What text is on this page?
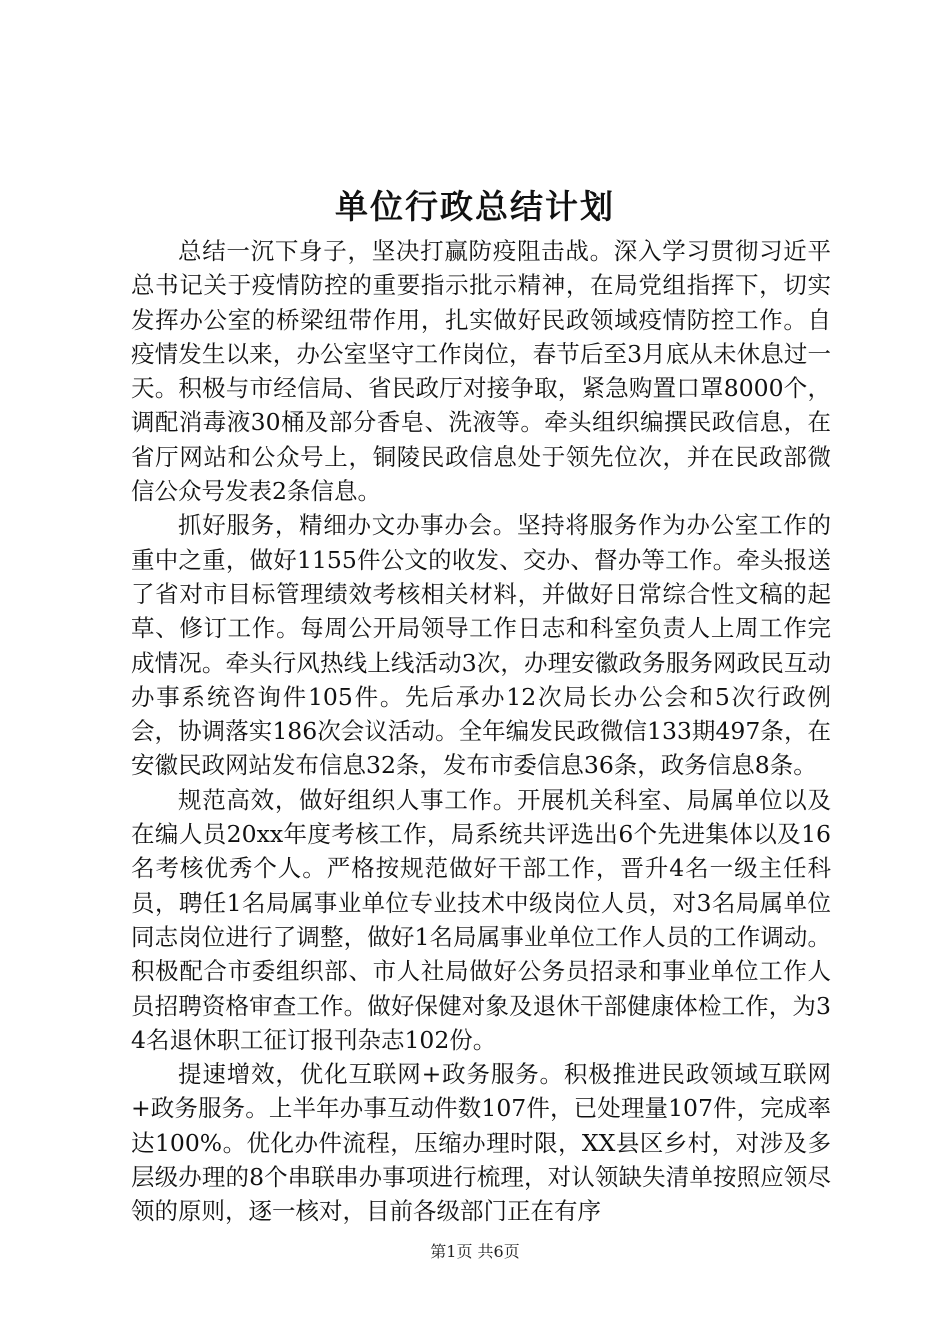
单位行政总结计划

总结一沉下身子，坚决打赢防疫阻击战。深入学习贯彻习近平总书记关于疫情防控的重要指示批示精神，在局党组指挥下，切实发挥办公室的桥梁纽带作用，扎实做好民政领域疫情防控工作。自疫情发生以来，办公室坚守工作岗位，春节后至3月底从未休息过一天。积极与市经信局、省民政厅对接争取，紧急购置口罩8000个，调配消毒液30桶及部分香皂、洗液等。牵头组织编撰民政信息，在省厅网站和公众号上，铜陵民政信息处于领先位次，并在民政部微信公众号发表2条信息。

抓好服务，精细办文办事办会。坚持将服务作为办公室工作的重中之重，做好1155件公文的收发、交办、督办等工作。牵头报送了省对市目标管理绩效考核相关材料，并做好日常综合性文稿的起草、修订工作。每周公开局领导工作日志和科室负责人上周工作完成情况。牵头行风热线上线活动3次，办理安徽政务服务网政民互动办事系统咨询件105件。先后承办12次局长办公会和5次行政例会，协调落实186次会议活动。全年编发民政微信133期497条，在安徽民政网站发布信息32条，发布市委信息36条，政务信息8条。

规范高效，做好组织人事工作。开展机关科室、局属单位以及在编人员20xx年度考核工作，局系统共评选出6个先进集体以及16名考核优秀个人。严格按规范做好干部工作，晋升4名一级主任科员，聘任1名局属事业单位专业技术中级岗位人员，对3名局属单位同志岗位进行了调整，做好1名局属事业单位工作人员的工作调动。积极配合市委组织部、市人社局做好公务员招录和事业单位工作人员招聘资格审查工作。做好保健对象及退休干部健康体检工作，为34名退休职工征订报刊杂志102份。

提速增效，优化互联网+政务服务。积极推进民政领域互联网+政务服务。上半年办事互动件数107件，已处理量107件，完成率达100%。优化办件流程，压缩办理时限，XX县区乡村，对涉及多层级办理的8个串联串办事项进行梳理，对认领缺失清单按照应领尽领的原则，逐一核对，目前各级部门正在有序

第1页 共6页
